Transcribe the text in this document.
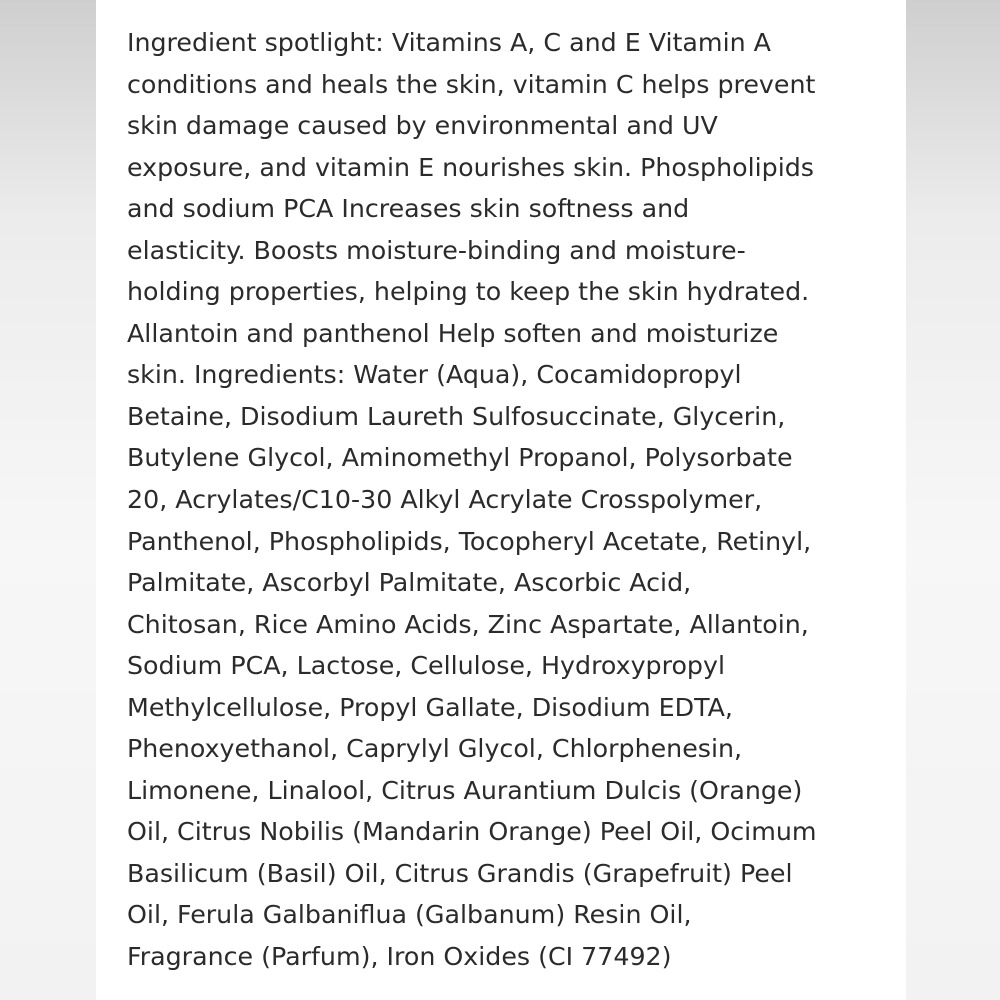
Ingredient spotlight: Vitamins A, C and E Vitamin A
conditions and heals the skin, vitamin C helps prevent
skin damage caused by environmental and UV
exposure, and vitamin E nourishes skin. Phospholipids
and sodium PCA Increases skin softness and
elasticity. Boosts moisture-binding and moisture-
holding properties, helping to keep the skin hydrated.
Allantoin and panthenol Help soften and moisturize
skin. Ingredients: Water (Aqua), Cocamidopropyl
Betaine, Disodium Laureth Sulfosuccinate, Glycerin,
Butylene Glycol, Aminomethyl Propanol, Polysorbate
20, Acrylates/C10-30 Alkyl Acrylate Crosspolymer,
Panthenol, Phospholipids, Tocopheryl Acetate, Retinyl,
Palmitate, Ascorbyl Palmitate, Ascorbic Acid,
Chitosan, Rice Amino Acids, Zinc Aspartate, Allantoin,
Sodium PCA, Lactose, Cellulose, Hydroxypropyl
Methylcellulose, Propyl Gallate, Disodium EDTA,
Phenoxyethanol, Caprylyl Glycol, Chlorphenesin,
Limonene, Linalool, Citrus Aurantium Dulcis (Orange)
Oil, Citrus Nobilis (Mandarin Orange) Peel Oil, Ocimum
Basilicum (Basil) Oil, Citrus Grandis (Grapefruit) Peel
Oil, Ferula Galbaniflua (Galbanum) Resin Oil,
Fragrance (Parfum), Iron Oxides (CI 77492)
